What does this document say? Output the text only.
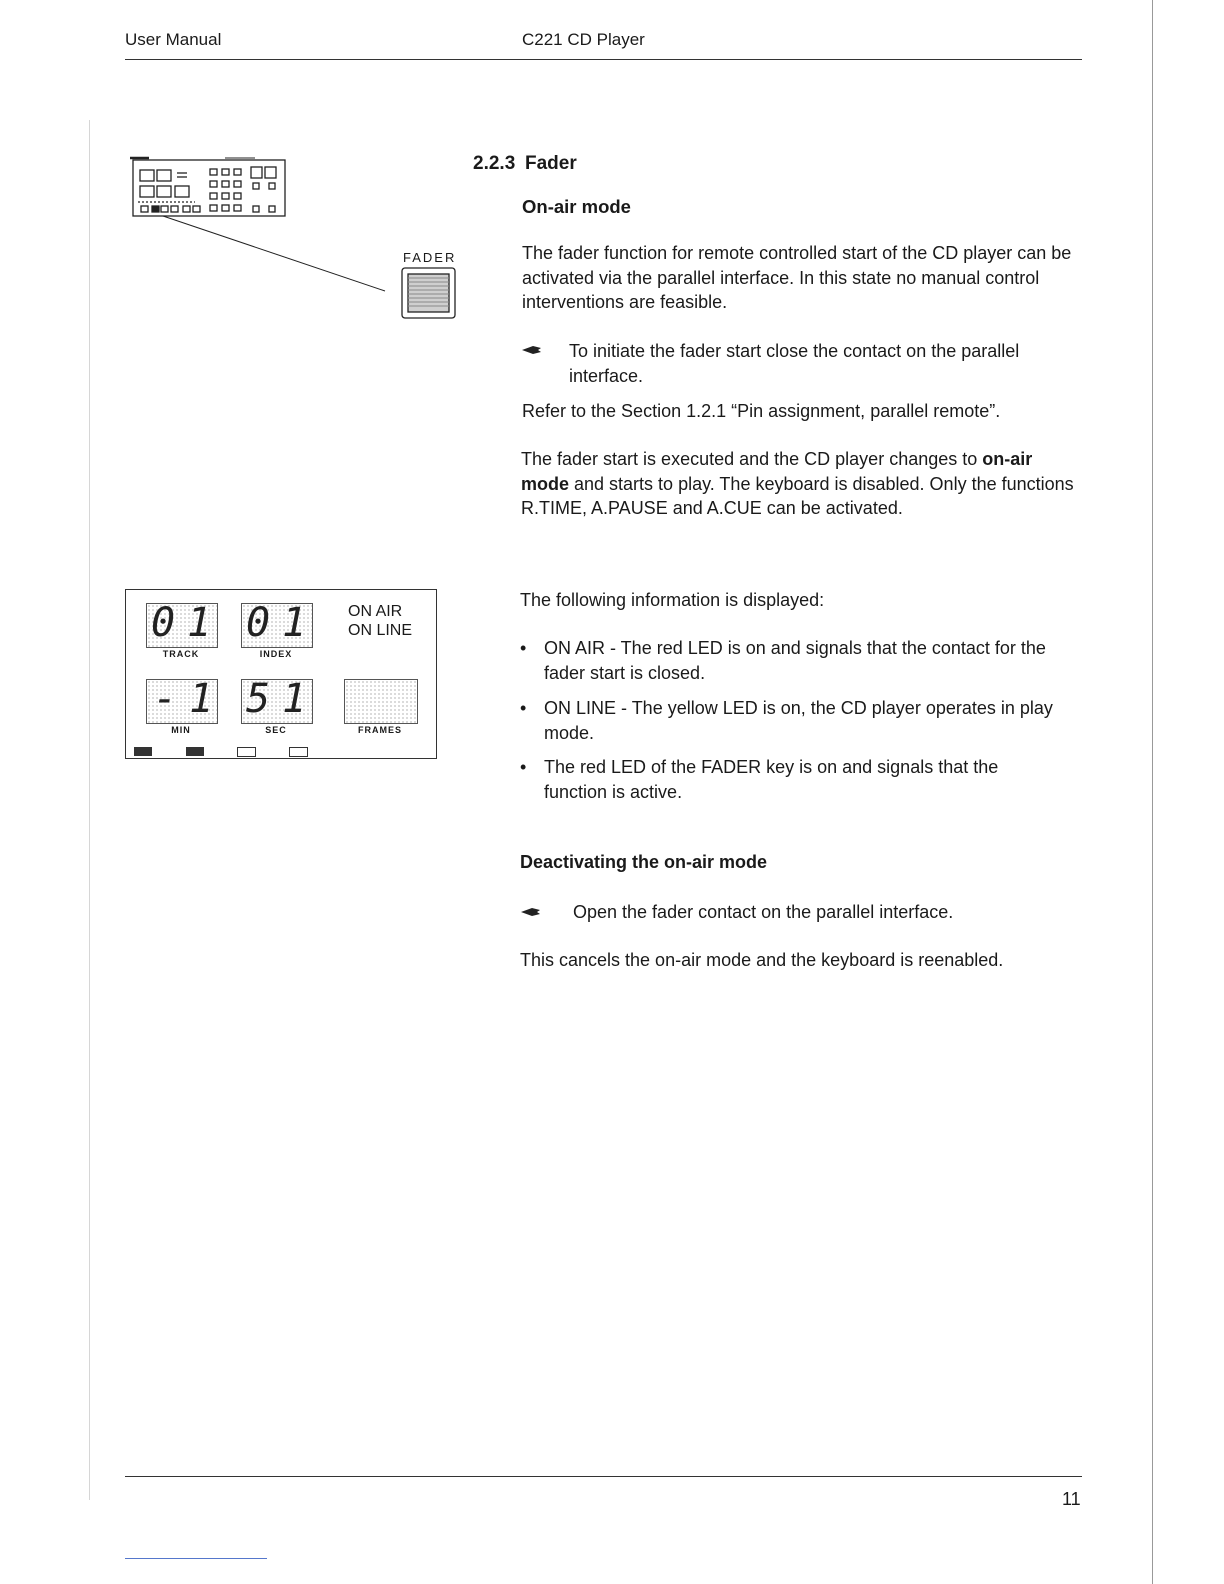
User Manual	C221 CD Player
FADER
2.2.3 Fader
On-air mode
The fader function for remote controlled start of the CD player can be activated via the parallel interface. In this state no manual control interventions are feasible.
To initiate the fader start close the contact on the parallel interface.
Refer to the Section 1.2.1 “Pin assignment, parallel remote”.
The fader start is executed and the CD player changes to on-air mode and starts to play. The keyboard is disabled. Only the functions R.TIME, A.PAUSE and A.CUE can be activated.
01 01
TRACK	INDEX
ON AIR
ON LINE
-1 51
MIN	SEC	FRAMES
The following information is displayed:
• ON AIR - The red LED is on and signals that the contact for the fader start is closed.
• ON LINE - The yellow LED is on, the CD player operates in play mode.
• The red LED of the FADER key is on and signals that the function is active.
Deactivating the on-air mode
Open the fader contact on the parallel interface.
This cancels the on-air mode and the keyboard is reenabled.
11
